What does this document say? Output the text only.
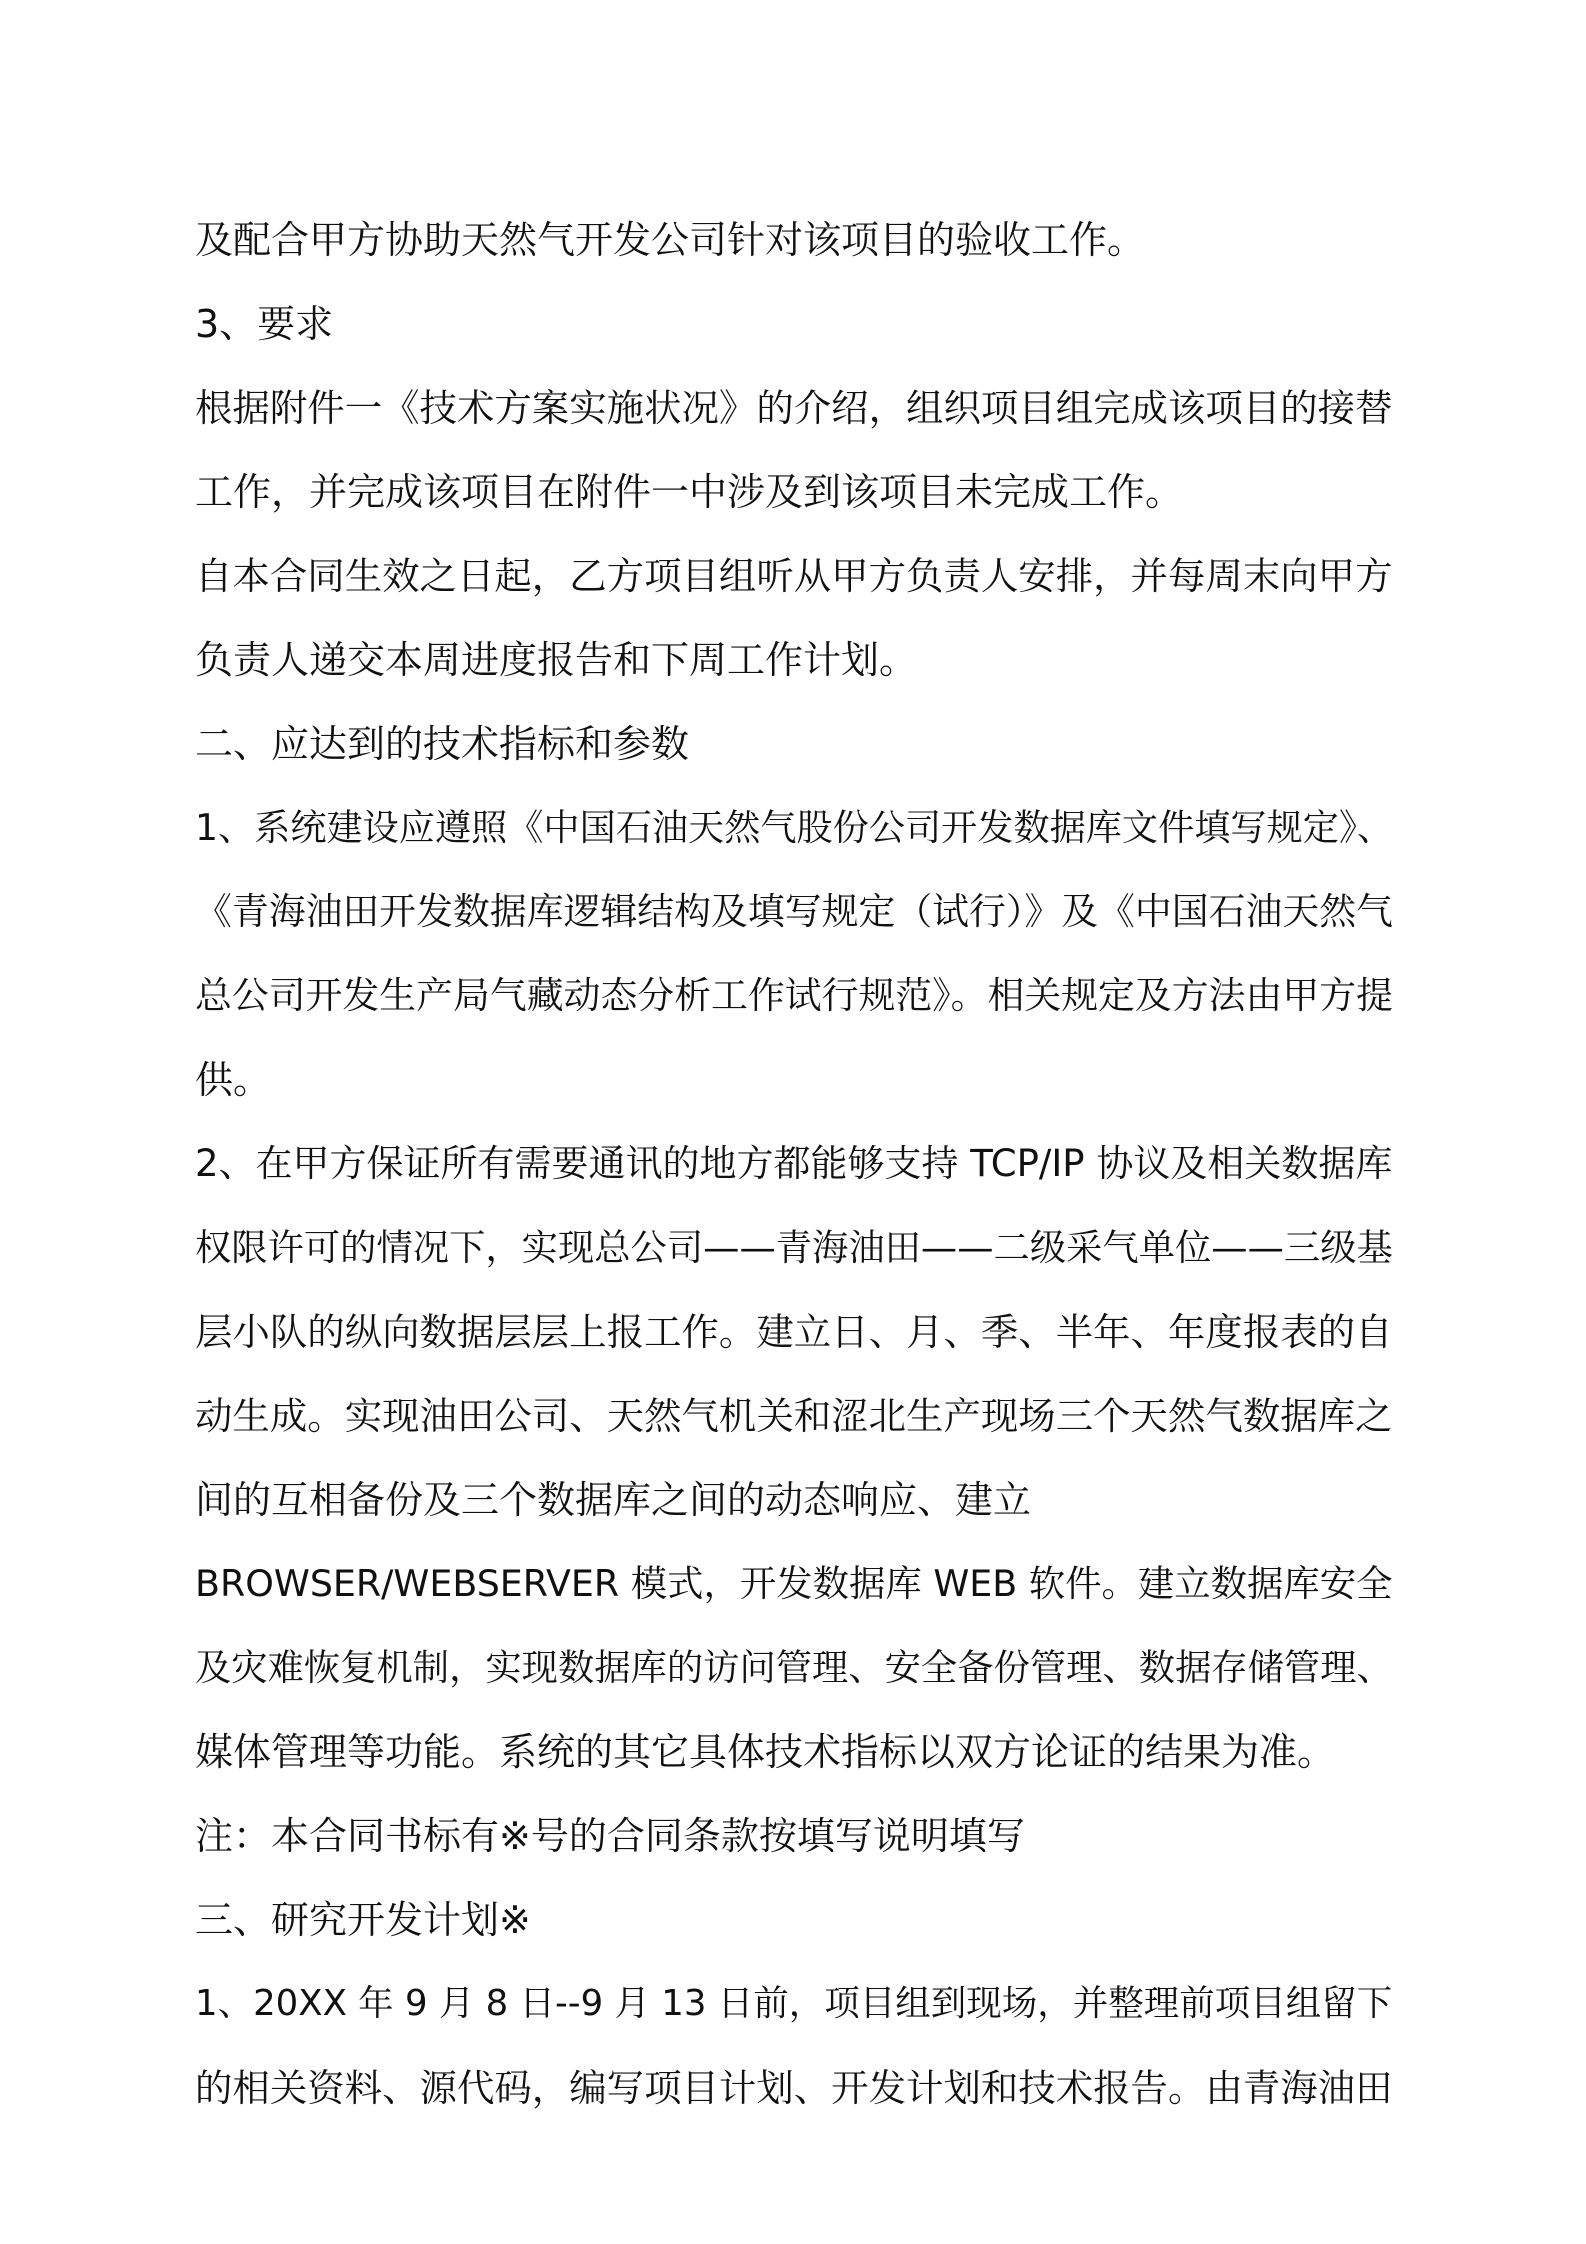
及配合甲方协助天然气开发公司针对该项目的验收工作。

3、要求

根据附件一《技术方案实施状况》的介绍，组织项目组完成该项目的接替
工作，并完成该项目在附件一中涉及到该项目未完成工作。

自本合同生效之日起，乙方项目组听从甲方负责人安排，并每周末向甲方
负责人递交本周进度报告和下周工作计划。

二、应达到的技术指标和参数

1、系统建设应遵照《中国石油天然气股份公司开发数据库文件填写规定》、
《青海油田开发数据库逻辑结构及填写规定（试行）》及《中国石油天然气
总公司开发生产局气藏动态分析工作试行规范》。相关规定及方法由甲方提
供。

2、在甲方保证所有需要通讯的地方都能够支持 TCP/IP 协议及相关数据库
权限许可的情况下，实现总公司——青海油田——二级采气单位——三级基
层小队的纵向数据层层上报工作。建立日、月、季、半年、年度报表的自
动生成。实现油田公司、天然气机关和涩北生产现场三个天然气数据库之
间的互相备份及三个数据库之间的动态响应、建立
BROWSER/WEBSERVER 模式，开发数据库 WEB 软件。建立数据库安全
及灾难恢复机制，实现数据库的访问管理、安全备份管理、数据存储管理、
媒体管理等功能。系统的其它具体技术指标以双方论证的结果为准。

注：本合同书标有※号的合同条款按填写说明填写

三、研究开发计划※

1、20XX 年 9 月 8 日--9 月 13 日前，项目组到现场，并整理前项目组留下
的相关资料、源代码，编写项目计划、开发计划和技术报告。由青海油田
